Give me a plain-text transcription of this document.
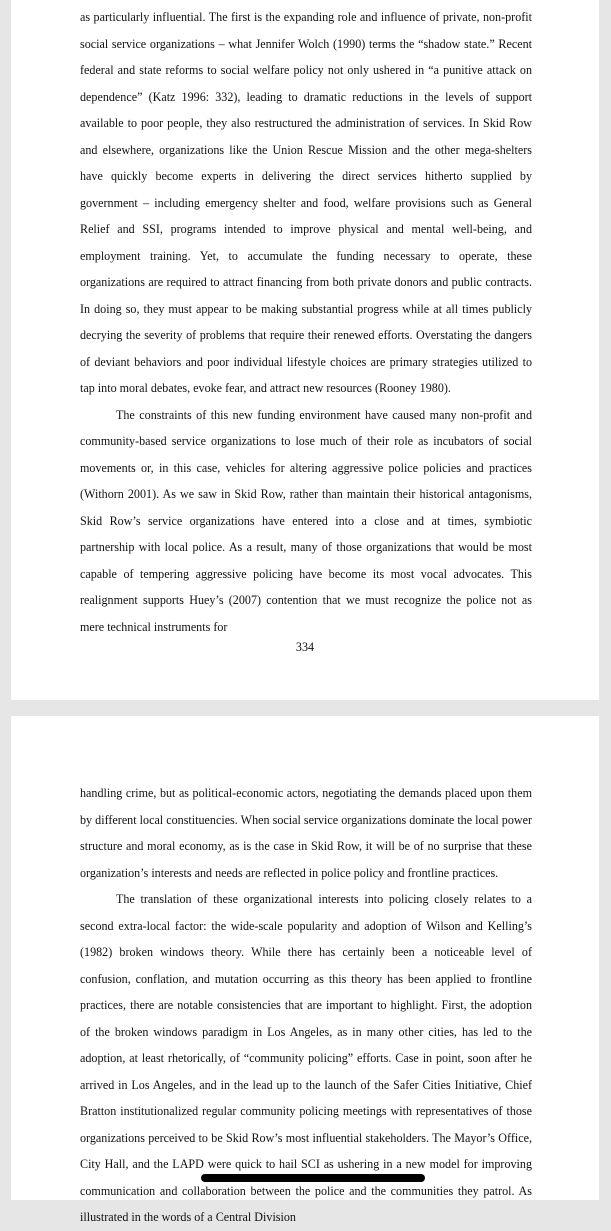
as particularly influential. The first is the expanding role and influence of private, non-profit social service organizations – what Jennifer Wolch (1990) terms the “shadow state.” Recent federal and state reforms to social welfare policy not only ushered in “a punitive attack on dependence” (Katz 1996: 332), leading to dramatic reductions in the levels of support available to poor people, they also restructured the administration of services. In Skid Row and elsewhere, organizations like the Union Rescue Mission and the other mega-shelters have quickly become experts in delivering the direct services hitherto supplied by government – including emergency shelter and food, welfare provisions such as General Relief and SSI, programs intended to improve physical and mental well-being, and employment training. Yet, to accumulate the funding necessary to operate, these organizations are required to attract financing from both private donors and public contracts. In doing so, they must appear to be making substantial progress while at all times publicly decrying the severity of problems that require their renewed efforts. Overstating the dangers of deviant behaviors and poor individual lifestyle choices are primary strategies utilized to tap into moral debates, evoke fear, and attract new resources (Rooney 1980).

The constraints of this new funding environment have caused many non-profit and community-based service organizations to lose much of their role as incubators of social movements or, in this case, vehicles for altering aggressive police policies and practices (Withorn 2001). As we saw in Skid Row, rather than maintain their historical antagonisms, Skid Row’s service organizations have entered into a close and at times, symbiotic partnership with local police. As a result, many of those organizations that would be most capable of tempering aggressive policing have become its most vocal advocates. This realignment supports Huey’s (2007) contention that we must recognize the police not as mere technical instruments for

334

handling crime, but as political-economic actors, negotiating the demands placed upon them by different local constituencies. When social service organizations dominate the local power structure and moral economy, as is the case in Skid Row, it will be of no surprise that these organization’s interests and needs are reflected in police policy and frontline practices.

The translation of these organizational interests into policing closely relates to a second extra-local factor: the wide-scale popularity and adoption of Wilson and Kelling’s (1982) broken windows theory. While there has certainly been a noticeable level of confusion, conflation, and mutation occurring as this theory has been applied to frontline practices, there are notable consistencies that are important to highlight. First, the adoption of the broken windows paradigm in Los Angeles, as in many other cities, has led to the adoption, at least rhetorically, of “community policing” efforts. Case in point, soon after he arrived in Los Angeles, and in the lead up to the launch of the Safer Cities Initiative, Chief Bratton institutionalized regular community policing meetings with representatives of those organizations perceived to be Skid Row’s most influential stakeholders. The Mayor’s Office, City Hall, and the LAPD were quick to hail SCI as ushering in a new model for improving communication and collaboration between the police and the communities they patrol. As illustrated in the words of a Central Division
